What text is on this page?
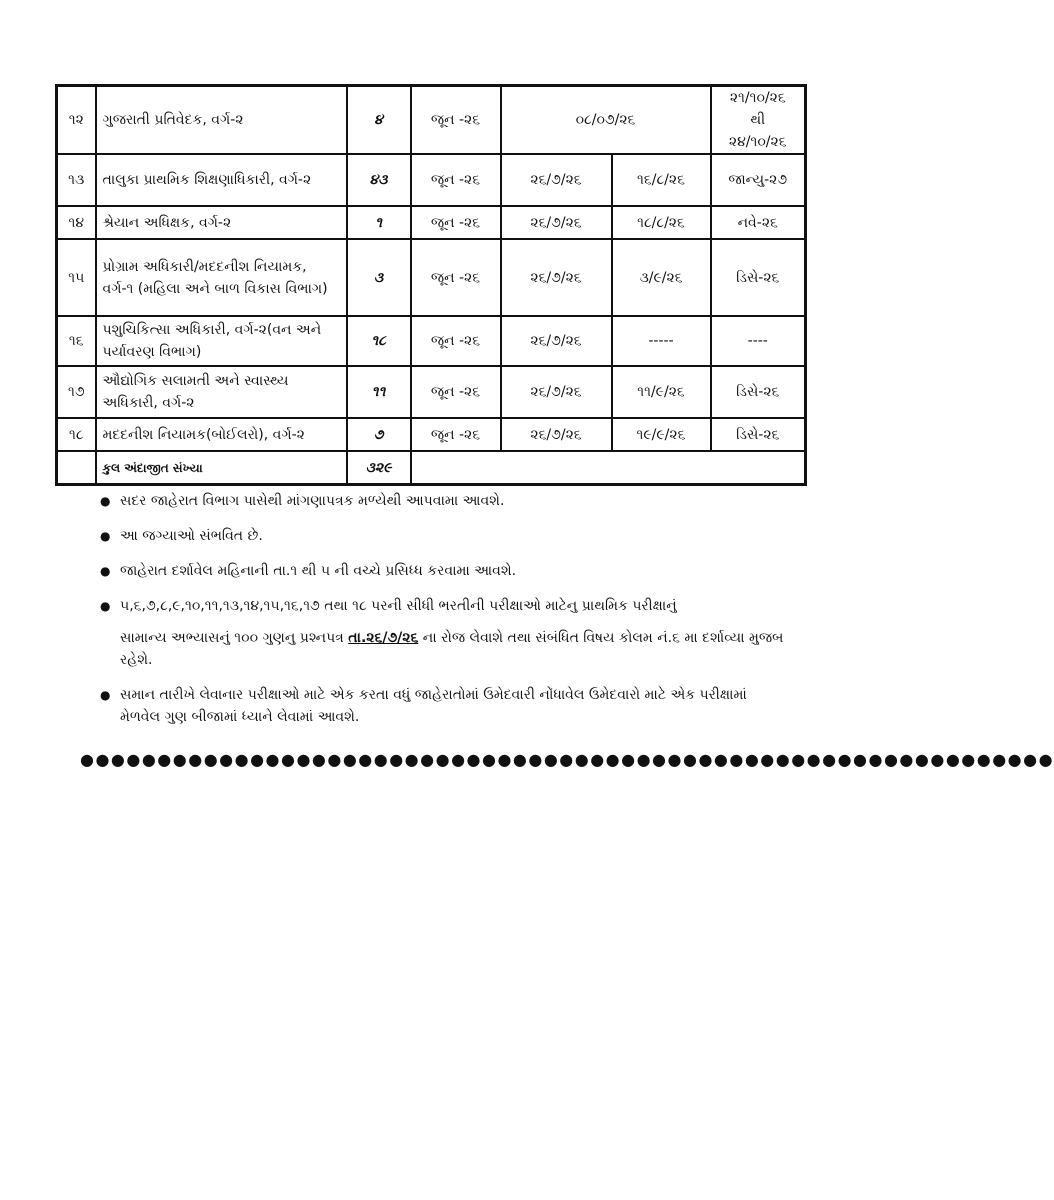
૧૨	ગુજરાતી પ્રતિવેદક, વર્ગ-૨	૪	જૂન -૨૬	૦૮/૦૭/૨૬		૨૧/૧૦/૨૬
થી
૨૪/૧૦/૨૬

૧૩	તાલુકા પ્રાથમિક શિક્ષણાધિકારી, વર્ગ-૨	૪૩	જૂન -૨૬	૨૬/૭/૨૬	૧૬/૮/૨૬	જાન્યુ-૨૭
૧૪	શ્રેયાન અધિક્ષક, વર્ગ-૨	૧	જૂન -૨૬	૨૬/૭/૨૬	૧૮/૮/૨૬	નવે-૨૬
૧૫	પ્રોગ્રામ અધિકારી/મદદનીશ નિયામક, વર્ગ-૧ (મહિલા અને બાળ વિકાસ વિભાગ)	૩	જૂન -૨૬	૨૬/૭/૨૬	૩/૯/૨૬	ડિસે-૨૬
૧૬	પશુચિકિત્સા અધિકારી, વર્ગ-૨(વન અને પર્યાવરણ વિભાગ)	૧૮	જૂન -૨૬	૨૬/૭/૨૬	-----	----
૧૭	ઔદ્યોગિક સલામતી અને સ્વાસ્થ્ય અધિકારી, વર્ગ-૨	૧૧	જૂન -૨૬	૨૬/૭/૨૬	૧૧/૯/૨૬	ડિસે-૨૬
૧૮	મદદનીશ નિયામક(બોઈલરો), વર્ગ-૨	૭	જૂન -૨૬	૨૬/૭/૨૬	૧૯/૯/૨૬	ડિસે-૨૬
	કુલ અંદાજીત સંખ્યા	૩૨૯				
● સદર જાહેરાત વિભાગ પાસેથી માંગણાપત્રક મળ્યેથી આપવામા આવશે.
● આ જગ્યાઓ સંભવિત છે.
● જાહેરાત દર્શાવેલ મહિનાની તા.૧ થી ૫ ની વચ્ચે પ્રસિધ્ધ કરવામા આવશે.
● ૫,૬,૭,૮,૯,૧૦,૧૧,૧૩,૧૪,૧૫,૧૬,૧૭ તથા ૧૮ પરની સીધી ભરતીની પરીક્ષાઓ માટેનુ પ્રાથમિક પરીક્ષાનું
સામાન્ય અભ્યાસનું ૧૦૦ ગુણનુ પ્રશ્નપત્ર તા.૨૬/૭/૨૬ ના રોજ લેવાશે તથા સંબંધિત વિષય કોલમ નં.૬ મા દર્શાવ્યા મુજબ રહેશે.
● સમાન તારીખે લેવાનાર પરીક્ષાઓ માટે એક કરતા વધું જાહેરાતોમાં ઉમેદવારી નોંધાવેલ ઉમેદવારો માટે એક પરીક્ષામાં મેળવેલ ગુણ બીજામાં ધ્યાને લેવામાં આવશે.
●●●●●●●●●●●●●●●●●●●●●●●●●●●●●●●●●●●●●●●●●●●●●●●●●●●●●●●●●●●●●●●
